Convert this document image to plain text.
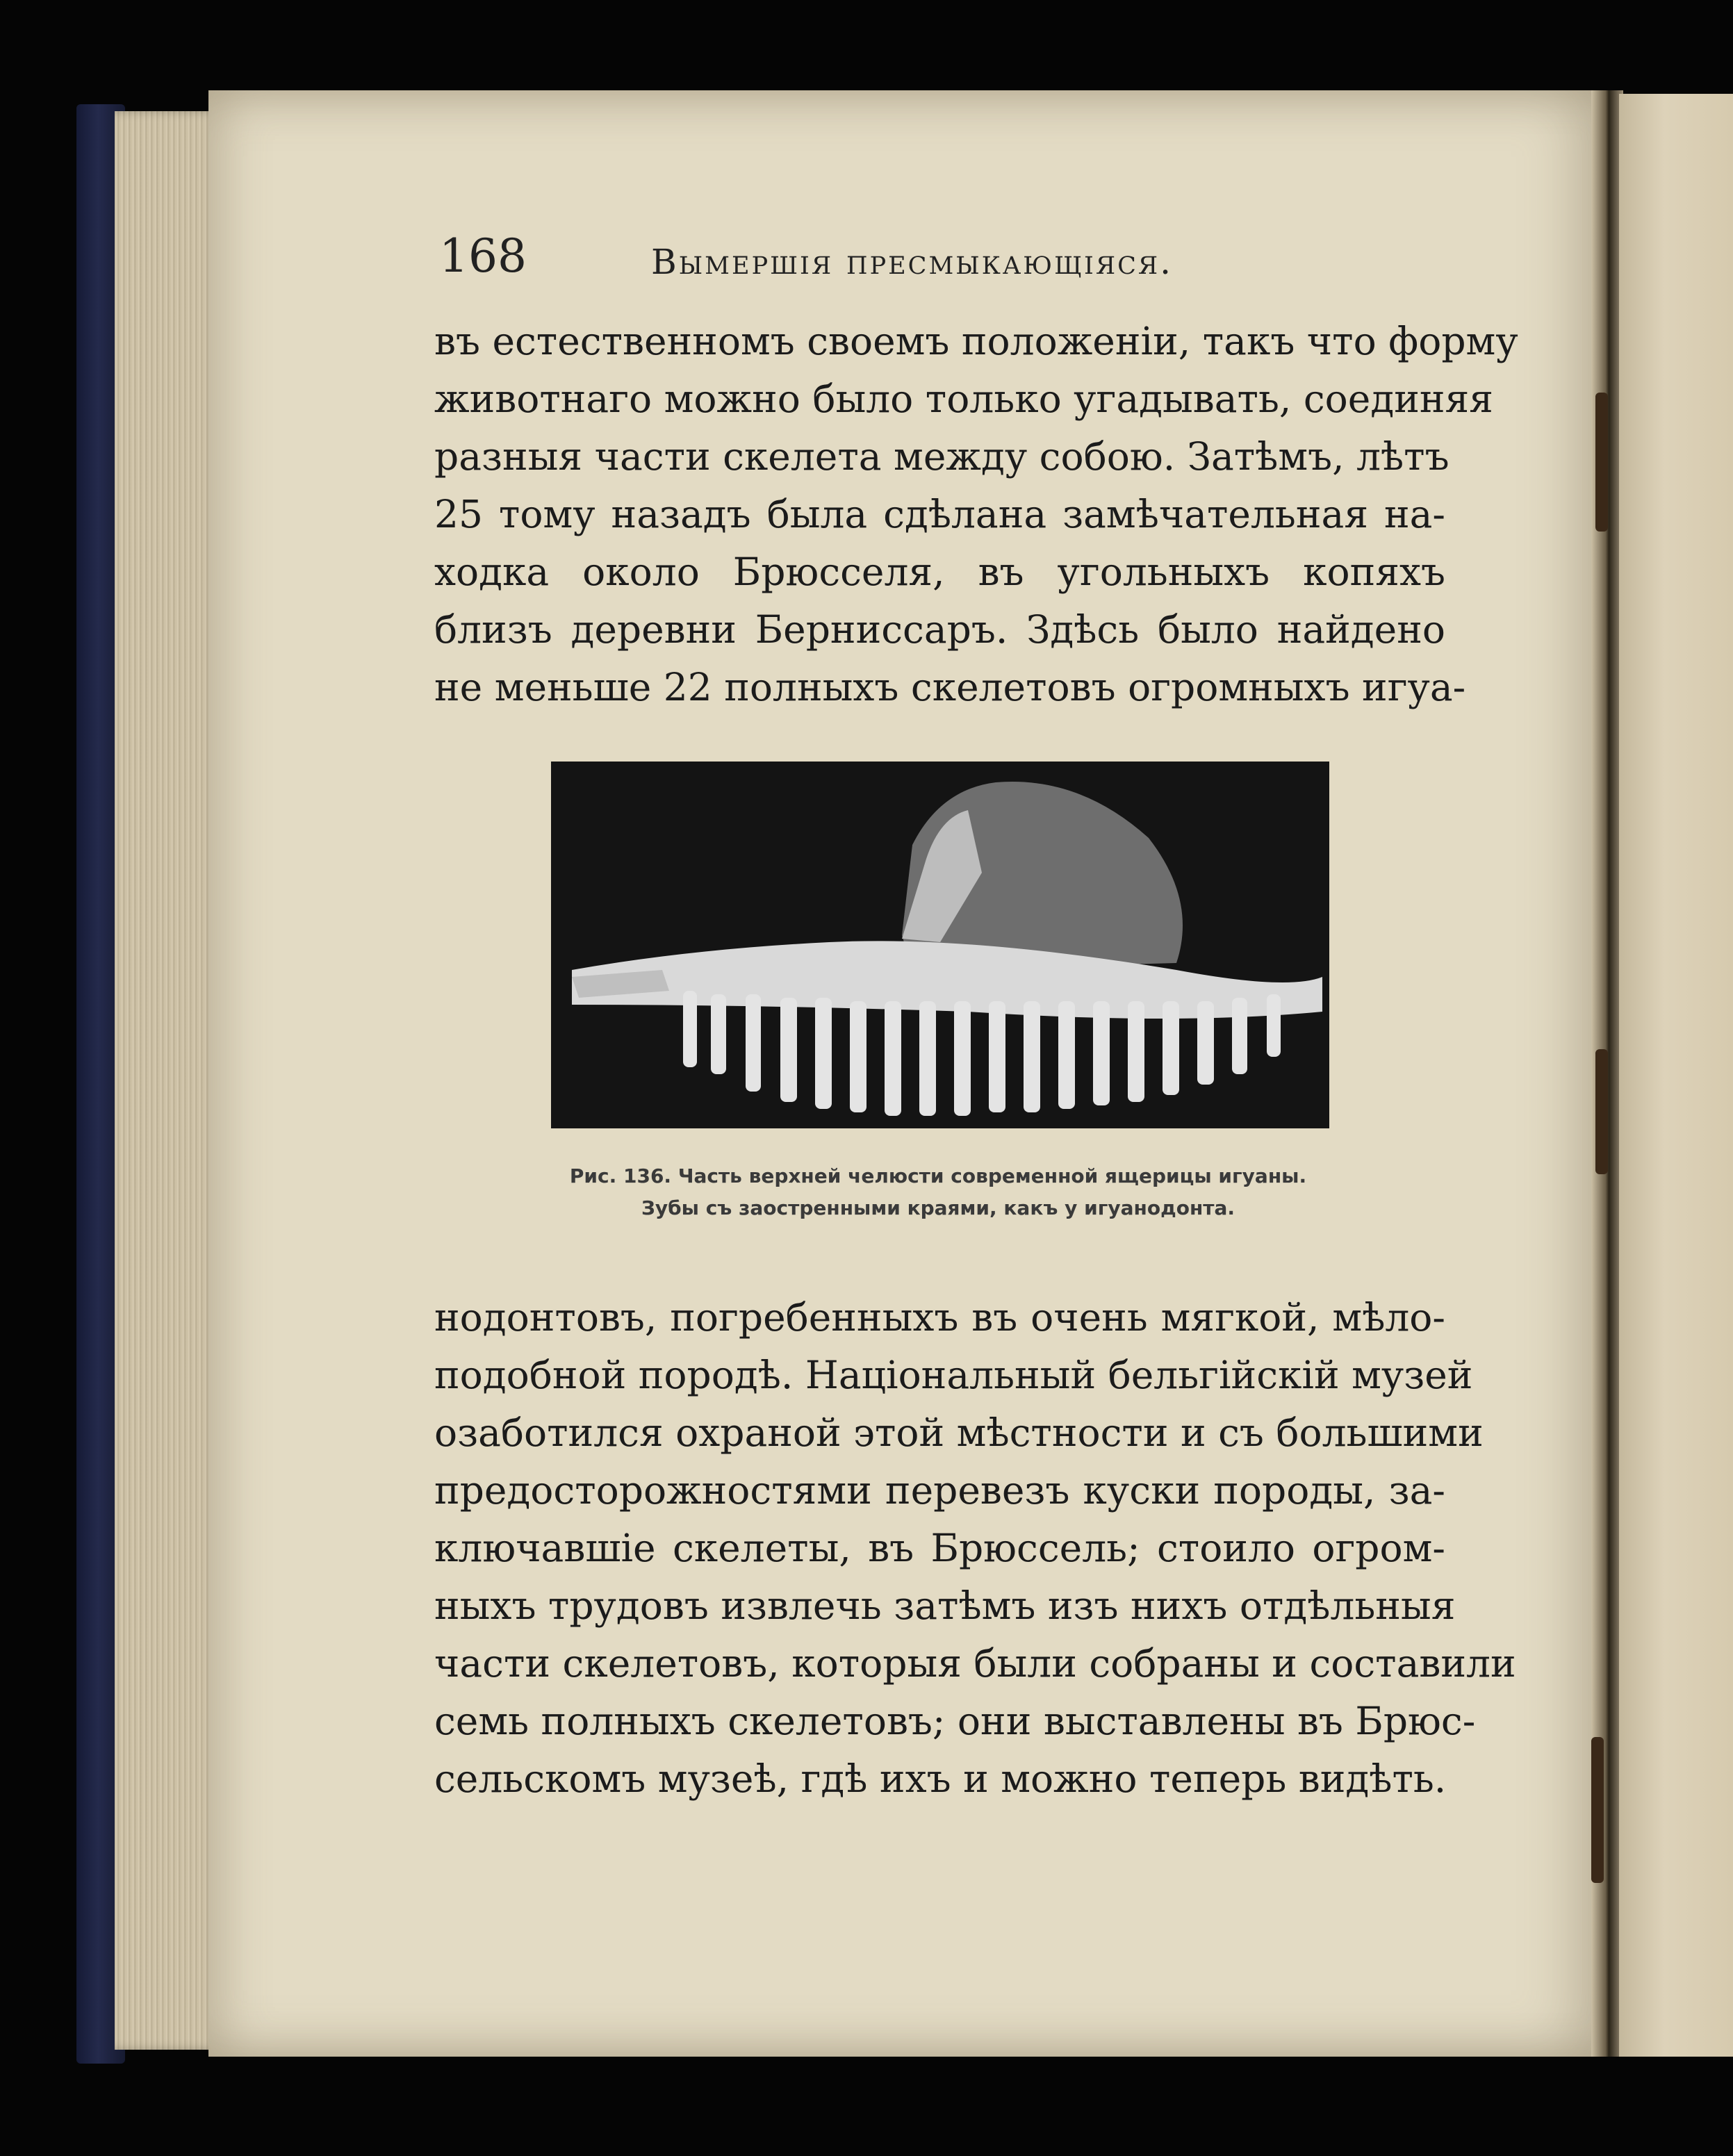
168	Вымершія пресмыкающіяся.

въ естественномъ своемъ положеніи, такъ что форму
животнаго можно было только угадывать, соединяя
разныя части скелета между собою. Затѣмъ, лѣтъ
25 тому назадъ была сдѣлана замѣчательная на-
ходка около Брюсселя, въ угольныхъ копяхъ
близъ деревни Берниссаръ. Здѣсь было найдено
не меньше 22 полныхъ скелетовъ огромныхъ игуа-

Рис. 136. Часть верхней челюсти современной ящерицы игуаны.
Зубы съ заостренными краями, какъ у игуанодонта.

нодонтовъ, погребенныхъ въ очень мягкой, мѣло-
подобной породѣ. Національный бельгійскій музей
озаботился охраной этой мѣстности и съ большими
предосторожностями перевезъ куски породы, за-
ключавшіе скелеты, въ Брюссель; стоило огром-
ныхъ трудовъ извлечь затѣмъ изъ нихъ отдѣльныя
части скелетовъ, которыя были собраны и составили
семь полныхъ скелетовъ; они выставлены въ Брюс-
сельскомъ музеѣ, гдѣ ихъ и можно теперь видѣть.
